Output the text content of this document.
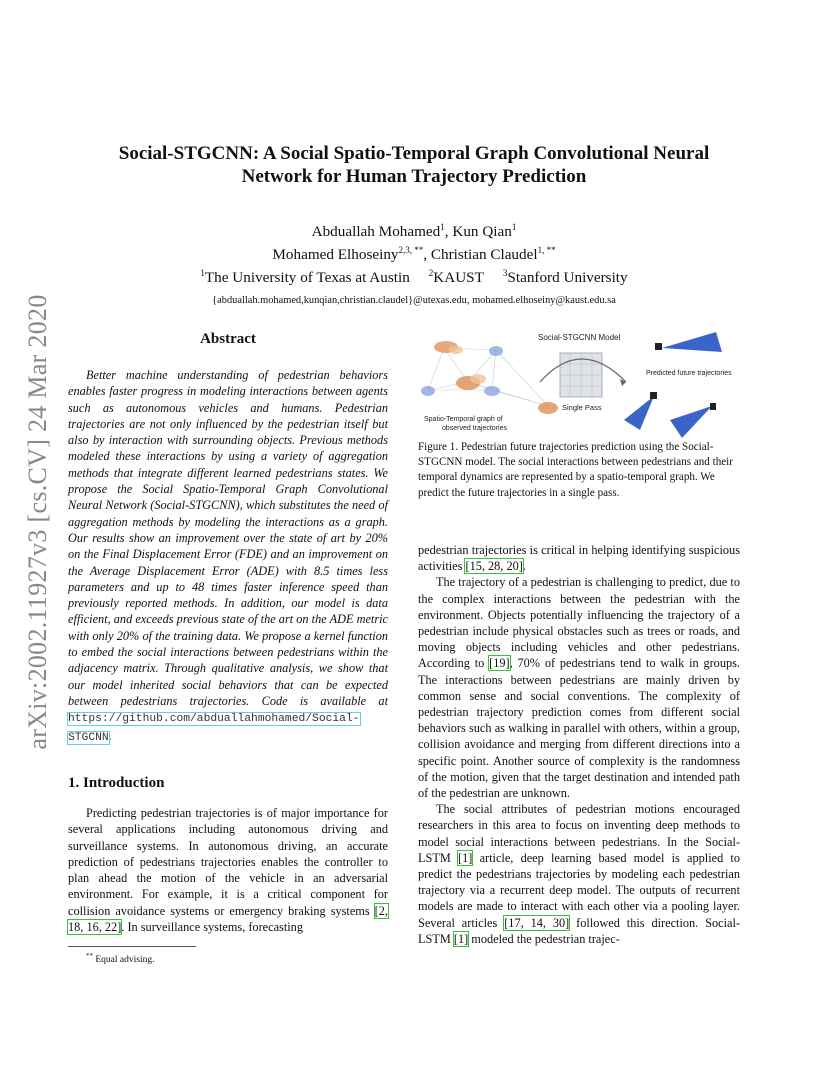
arXiv:2002.11927v3 [cs.CV] 24 Mar 2020
Social-STGCNN: A Social Spatio-Temporal Graph Convolutional Neural
Network for Human Trajectory Prediction
Abduallah Mohamed$^1$, Kun Qian$^1$
Mohamed Elhoseiny$^{2,3, **}$, Christian Claudel$^{1, **}$
$^1$The University of Texas at Austin $^2$KAUST $^3$Stanford University
{abduallah.mohamed,kunqian,christian.claudel}@utexas.edu, mohamed.elhoseiny@kaust.edu.sa
Abstract
Better machine understanding of pedestrian behaviors enables faster progress in modeling interactions between agents such as autonomous vehicles and humans. Pedestrian trajectories are not only influenced by the pedestrian itself but also by interaction with surrounding objects. Previous methods modeled these interactions by using a variety of aggregation methods that integrate different learned pedestrians states. We propose the Social Spatio-Temporal Graph Convolutional Neural Network (Social-STGCNN), which substitutes the need of aggregation methods by modeling the interactions as a graph. Our results show an improvement over the state of art by 20% on the Final Displacement Error (FDE) and an improvement on the Average Displacement Error (ADE) with 8.5 times less parameters and up to 48 times faster inference speed than previously reported methods. In addition, our model is data efficient, and exceeds previous state of the art on the ADE metric with only 20% of the training data. We propose a kernel function to embed the social interactions between pedestrians within the adjacency matrix. Through qualitative analysis, we show that our model inherited social behaviors that can be expected between pedestrians trajectories. Code is available at https://github.com/abduallahmohamed/Social-STGCNN.
1. Introduction
Predicting pedestrian trajectories is of major importance for several applications including autonomous driving and surveillance systems. In autonomous driving, an accurate prediction of pedestrians trajectories enables the controller to plan ahead the motion of the vehicle in an adversarial environment. For example, it is a critical component for collision avoidance systems or emergency braking systems [2, 18, 16, 22]. In surveillance systems, forecasting
** Equal advising.
Spatio-Temporal graph of
observed trajectories
Social-STGCNN Model
Single Pass
Predicted future trajectories
Figure 1. Pedestrian future trajectories prediction using the Social-STGCNN model. The social interactions between pedestrians and their temporal dynamics are represented by a spatio-temporal graph. We predict the future trajectories in a single pass.

pedestrian trajectories is critical in helping identifying suspicious activities [15, 28, 20].

The trajectory of a pedestrian is challenging to predict, due to the complex interactions between the pedestrian with the environment. Objects potentially influencing the trajectory of a pedestrian include physical obstacles such as trees or roads, and moving objects including vehicles and other pedestrians. According to [19], 70% of pedestrians tend to walk in groups. The interactions between pedestrians are mainly driven by common sense and social conventions. The complexity of pedestrian trajectory prediction comes from different social behaviors such as walking in parallel with others, within a group, collision avoidance and merging from different directions into a specific point. Another source of complexity is the randomness of the motion, given that the target destination and intended path of the pedestrian are unknown.

The social attributes of pedestrian motions encouraged researchers in this area to focus on inventing deep methods to model social interactions between pedestrians. In the Social-LSTM [1] article, deep learning based model is applied to predict the pedestrians trajectories by modeling each pedestrian trajectory via a recurrent deep model. The outputs of recurrent models are made to interact with each other via a pooling layer. Several articles [17, 14, 30] followed this direction. Social-LSTM [1] modeled the pedestrian trajec-
